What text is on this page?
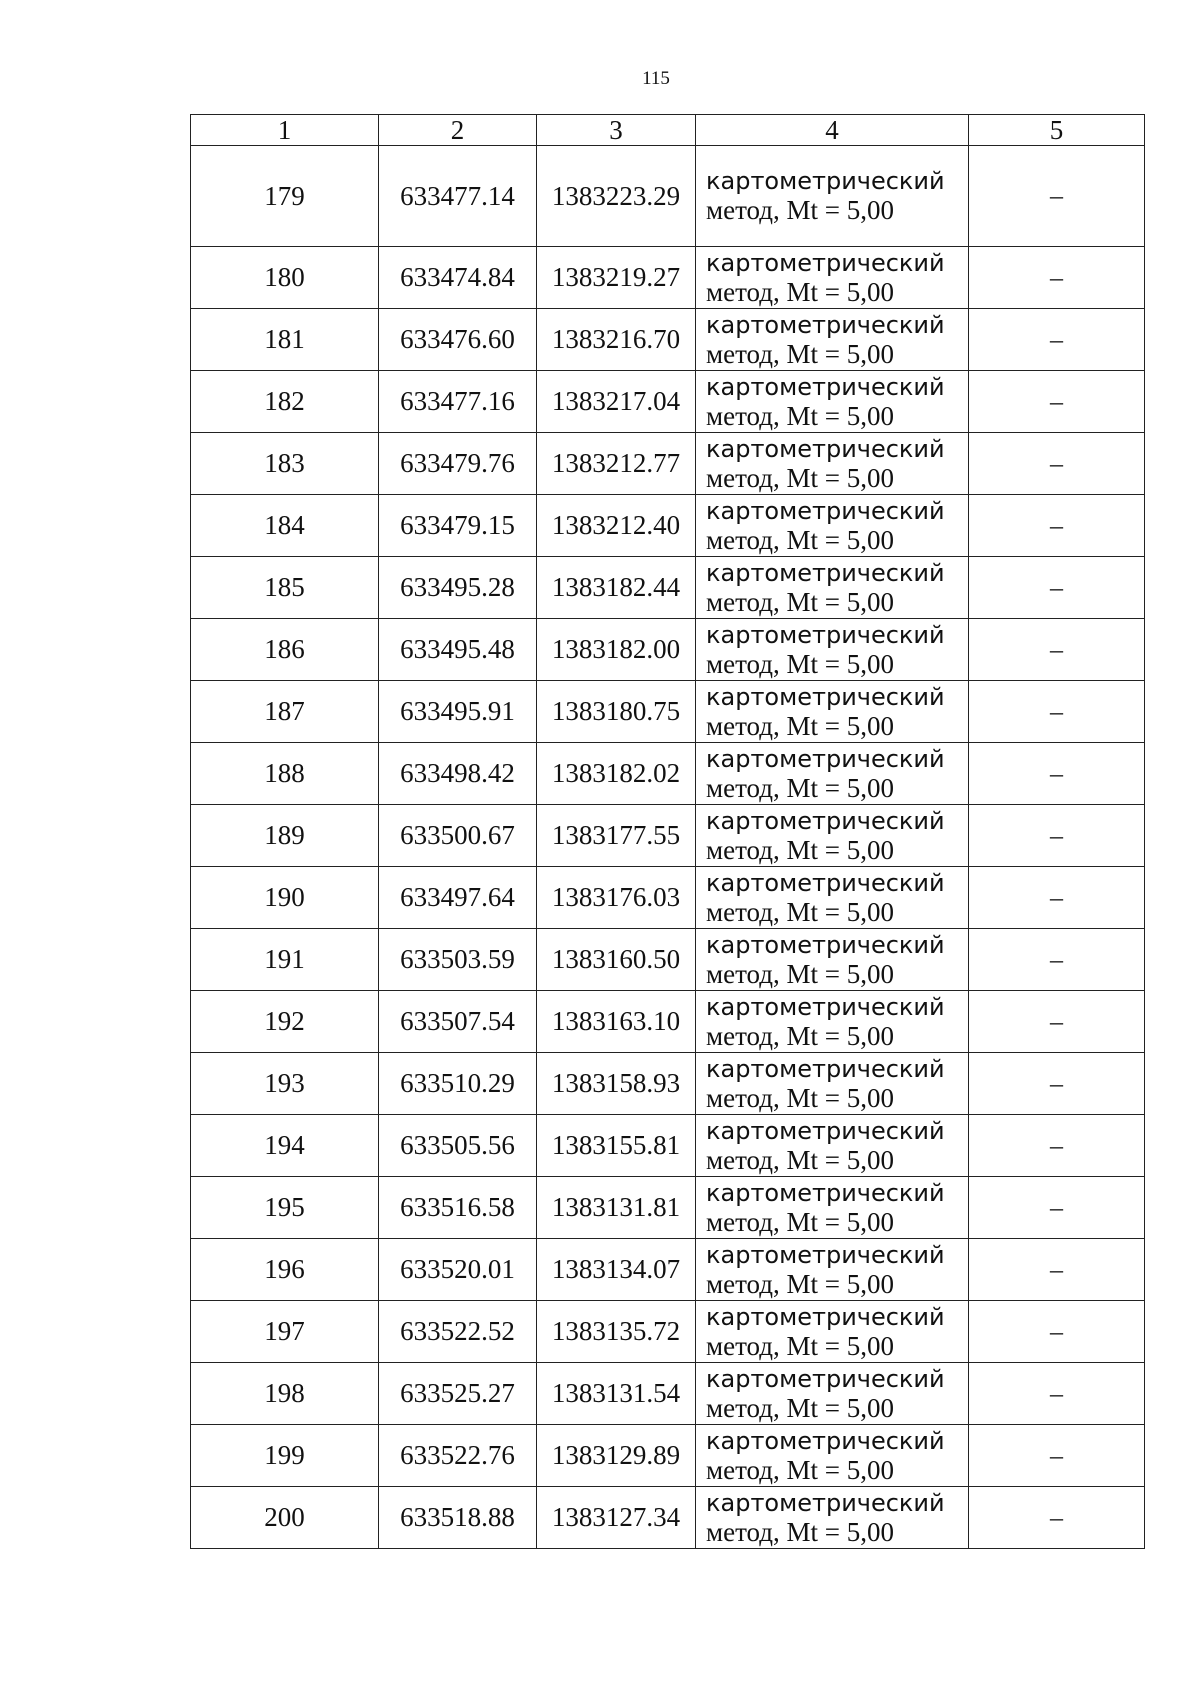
115
1	2	3	4	5
179	633477.14	1383223.29	картометрический
метод, Mt = 5,00	–
180	633474.84	1383219.27	картометрический
метод, Mt = 5,00	–
181	633476.60	1383216.70	картометрический
метод, Mt = 5,00	–
182	633477.16	1383217.04	картометрический
метод, Mt = 5,00	–
183	633479.76	1383212.77	картометрический
метод, Mt = 5,00	–
184	633479.15	1383212.40	картометрический
метод, Mt = 5,00	–
185	633495.28	1383182.44	картометрический
метод, Mt = 5,00	–
186	633495.48	1383182.00	картометрический
метод, Mt = 5,00	–
187	633495.91	1383180.75	картометрический
метод, Mt = 5,00	–
188	633498.42	1383182.02	картометрический
метод, Mt = 5,00	–
189	633500.67	1383177.55	картометрический
метод, Mt = 5,00	–
190	633497.64	1383176.03	картометрический
метод, Mt = 5,00	–
191	633503.59	1383160.50	картометрический
метод, Mt = 5,00	–
192	633507.54	1383163.10	картометрический
метод, Mt = 5,00	–
193	633510.29	1383158.93	картометрический
метод, Mt = 5,00	–
194	633505.56	1383155.81	картометрический
метод, Mt = 5,00	–
195	633516.58	1383131.81	картометрический
метод, Mt = 5,00	–
196	633520.01	1383134.07	картометрический
метод, Mt = 5,00	–
197	633522.52	1383135.72	картометрический
метод, Mt = 5,00	–
198	633525.27	1383131.54	картометрический
метод, Mt = 5,00	–
199	633522.76	1383129.89	картометрический
метод, Mt = 5,00	–
200	633518.88	1383127.34	картометрический
метод, Mt = 5,00	–
